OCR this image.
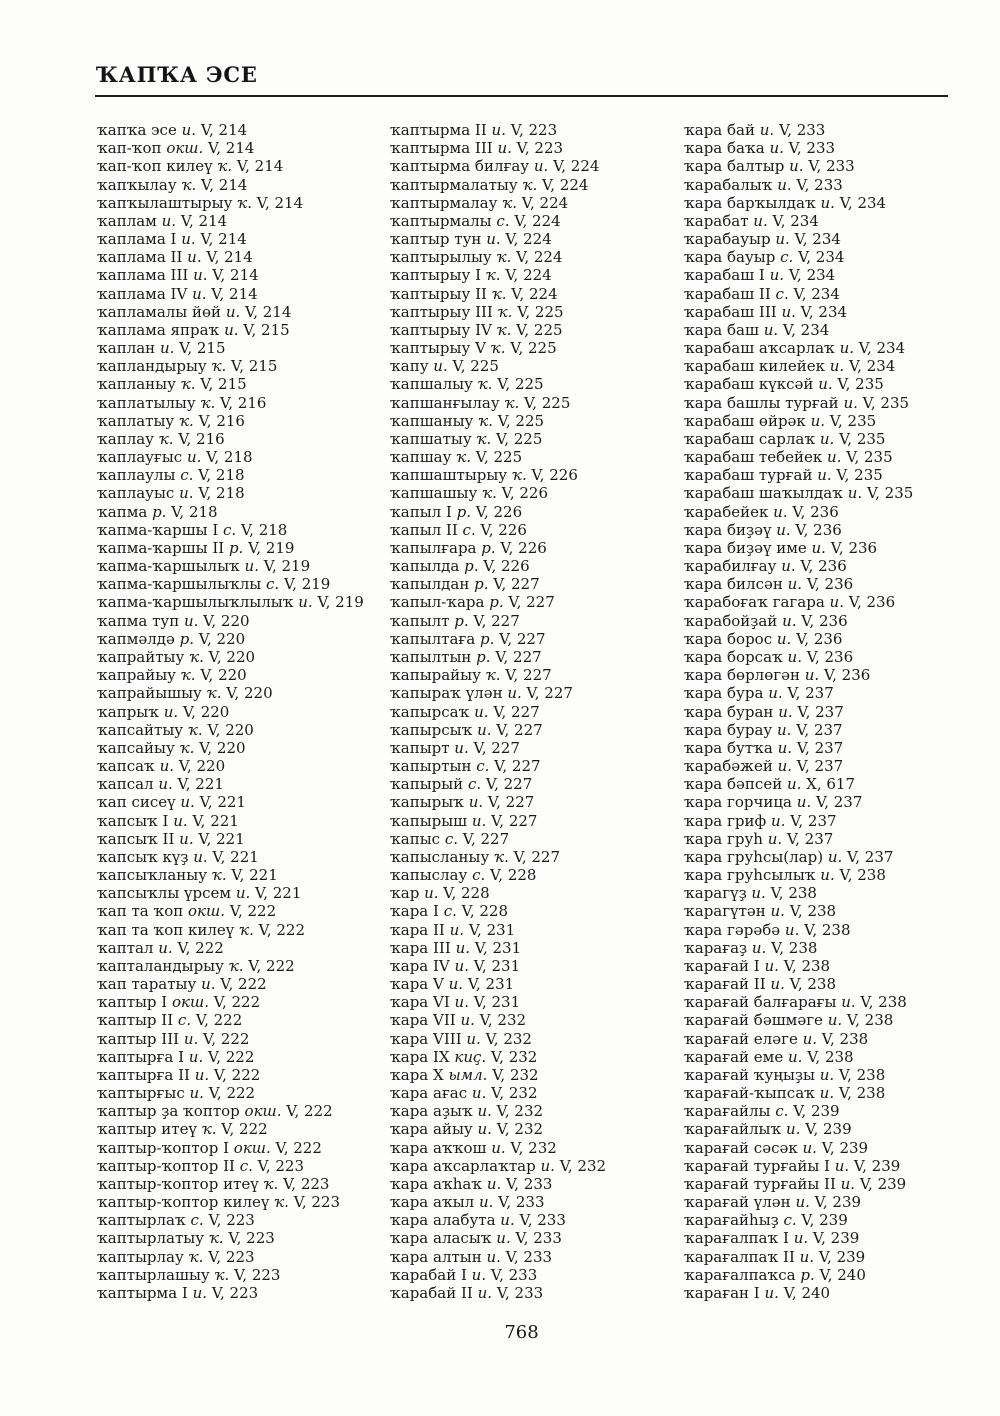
ҠАПҠА ЭСЕ
ҡапҡа эсе и. V, 214
ҡап-ҡоп окш. V, 214
ҡап-ҡоп килеү ҡ. V, 214
ҡапҡылау ҡ. V, 214
ҡапҡылаштырыу ҡ. V, 214
ҡаплам и. V, 214
ҡаплама I и. V, 214
ҡаплама II и. V, 214
ҡаплама III и. V, 214
ҡаплама IV и. V, 214
ҡапламалы йөй и. V, 214
ҡаплама япраҡ и. V, 215
ҡаплан и. V, 215
ҡапландырыу ҡ. V, 215
ҡапланыу ҡ. V, 215
ҡаплатылыу ҡ. V, 216
ҡаплатыу ҡ. V, 216
ҡаплау ҡ. V, 216
ҡаплауғыс и. V, 218
ҡаплаулы с. V, 218
ҡаплауыс и. V, 218
ҡапма р. V, 218
ҡапма-ҡаршы I с. V, 218
ҡапма-ҡаршы II р. V, 219
ҡапма-ҡаршылыҡ и. V, 219
ҡапма-ҡаршылыҡлы с. V, 219
ҡапма-ҡаршылыҡлылыҡ и. V, 219
ҡапма туп и. V, 220
ҡапмәлдә р. V, 220
ҡапрайтыу ҡ. V, 220
ҡапрайыу ҡ. V, 220
ҡапрайышыу ҡ. V, 220
ҡапрыҡ и. V, 220
ҡапсайтыу ҡ. V, 220
ҡапсайыу ҡ. V, 220
ҡапсаҡ и. V, 220
ҡапсал и. V, 221
ҡап сисеү и. V, 221
ҡапсыҡ I и. V, 221
ҡапсыҡ II и. V, 221
ҡапсыҡ күҙ и. V, 221
ҡапсыҡланыу ҡ. V, 221
ҡапсыҡлы үрсем и. V, 221
ҡап та ҡоп окш. V, 222
ҡап та ҡоп килеү ҡ. V, 222
ҡаптал и. V, 222
ҡапталандырыу ҡ. V, 222
ҡап таратыу и. V, 222
ҡаптыр I окш. V, 222
ҡаптыр II с. V, 222
ҡаптыр III и. V, 222
ҡаптырға I и. V, 222
ҡаптырға II и. V, 222
ҡаптырғыс и. V, 222
ҡаптыр ҙа ҡоптор окш. V, 222
ҡаптыр итеү ҡ. V, 222
ҡаптыр-ҡоптор I окш. V, 222
ҡаптыр-ҡоптор II с. V, 223
ҡаптыр-ҡоптор итеү ҡ. V, 223
ҡаптыр-ҡоптор килеү ҡ. V, 223
ҡаптырлаҡ с. V, 223
ҡаптырлатыу ҡ. V, 223
ҡаптырлау ҡ. V, 223
ҡаптырлашыу ҡ. V, 223
ҡаптырма I и. V, 223
ҡаптырма II и. V, 223
ҡаптырма III и. V, 223
ҡаптырма билғау и. V, 224
ҡаптырмалатыу ҡ. V, 224
ҡаптырмалау ҡ. V, 224
ҡаптырмалы с. V, 224
ҡаптыр тун и. V, 224
ҡаптырылыу ҡ. V, 224
ҡаптырыу I ҡ. V, 224
ҡаптырыу II ҡ. V, 224
ҡаптырыу III ҡ. V, 225
ҡаптырыу IV ҡ. V, 225
ҡаптырыу V ҡ. V, 225
ҡапу и. V, 225
ҡапшалыу ҡ. V, 225
ҡапшанғылау ҡ. V, 225
ҡапшаныу ҡ. V, 225
ҡапшатыу ҡ. V, 225
ҡапшау ҡ. V, 225
ҡапшаштырыу ҡ. V, 226
ҡапшашыу ҡ. V, 226
ҡапыл I р. V, 226
ҡапыл II с. V, 226
ҡапылғара р. V, 226
ҡапылда р. V, 226
ҡапылдан р. V, 227
ҡапыл-ҡара р. V, 227
ҡапылт р. V, 227
ҡапылтаға р. V, 227
ҡапылтын р. V, 227
ҡапырайыу ҡ. V, 227
ҡапыраҡ үлән и. V, 227
ҡапырсаҡ и. V, 227
ҡапырсыҡ и. V, 227
ҡапырт и. V, 227
ҡапыртын с. V, 227
ҡапырый с. V, 227
ҡапырыҡ и. V, 227
ҡапырыш и. V, 227
ҡапыс с. V, 227
ҡапысланыу ҡ. V, 227
ҡапыслау с. V, 228
ҡар и. V, 228
ҡара I с. V, 228
ҡара II и. V, 231
ҡара III и. V, 231
ҡара IV и. V, 231
ҡара V и. V, 231
ҡара VI и. V, 231
ҡара VII и. V, 232
ҡара VIII и. V, 232
ҡара IX киҫ. V, 232
ҡара X ымл. V, 232
ҡара ағас и. V, 232
ҡара аҙыҡ и. V, 232
ҡара айыу и. V, 232
ҡара аҡҡош и. V, 232
ҡара аҡсарлаҡтар и. V, 232
ҡара аҡһаҡ и. V, 233
ҡара аҡыл и. V, 233
ҡара алабута и. V, 233
ҡара аласыҡ и. V, 233
ҡара алтын и. V, 233
ҡарабай I и. V, 233
ҡарабай II и. V, 233
ҡара бай и. V, 233
ҡара баҡа и. V, 233
ҡара балтыр и. V, 233
ҡарабалыҡ и. V, 233
ҡара барҡылдаҡ и. V, 234
ҡарабат и. V, 234
ҡарабауыр и. V, 234
ҡара бауыр с. V, 234
ҡарабаш I и. V, 234
ҡарабаш II с. V, 234
ҡарабаш III и. V, 234
ҡара баш и. V, 234
ҡарабаш аҡсарлаҡ и. V, 234
ҡарабаш килейек и. V, 234
ҡарабаш күксәй и. V, 235
ҡара башлы турғай и. V, 235
ҡарабаш өйрәк и. V, 235
ҡарабаш сарлаҡ и. V, 235
ҡарабаш тебейек и. V, 235
ҡарабаш турғай и. V, 235
ҡарабаш шаҡылдаҡ и. V, 235
ҡарабейек и. V, 236
ҡара биҙәү и. V, 236
ҡара биҙәү име и. V, 236
ҡарабилғау и. V, 236
ҡара билсән и. V, 236
ҡарабоғаҡ гагара и. V, 236
ҡарабойҙай и. V, 236
ҡара борос и. V, 236
ҡара борсаҡ и. V, 236
ҡара бөрлөгән и. V, 236
ҡара бура и. V, 237
ҡара буран и. V, 237
ҡара бурау и. V, 237
ҡара бутҡа и. V, 237
ҡарабәжей и. V, 237
ҡара бәпсей и. X, 617
ҡара горчица и. V, 237
ҡара гриф и. V, 237
ҡара груһ и. V, 237
ҡара груһсы(лар) и. V, 237
ҡара груһсылыҡ и. V, 238
ҡарагүҙ и. V, 238
ҡарагүтән и. V, 238
ҡара гәрәбә и. V, 238
ҡарағаҙ и. V, 238
ҡарағай I и. V, 238
ҡарағай II и. V, 238
ҡарағай балғарағы и. V, 238
ҡарағай бәшмәге и. V, 238
ҡарағай еләге и. V, 238
ҡарағай еме и. V, 238
ҡарағай ҡуңыҙы и. V, 238
ҡарағай-ҡыпсаҡ и. V, 238
ҡарағайлы с. V, 239
ҡарағайлыҡ и. V, 239
ҡарағай сәсәк и. V, 239
ҡарағай турғайы I и. V, 239
ҡарағай турғайы II и. V, 239
ҡарағай үлән и. V, 239
ҡарағайһыҙ с. V, 239
ҡарағалпаҡ I и. V, 239
ҡарағалпаҡ II и. V, 239
ҡарағалпаҡса р. V, 240
ҡараған I и. V, 240
768
